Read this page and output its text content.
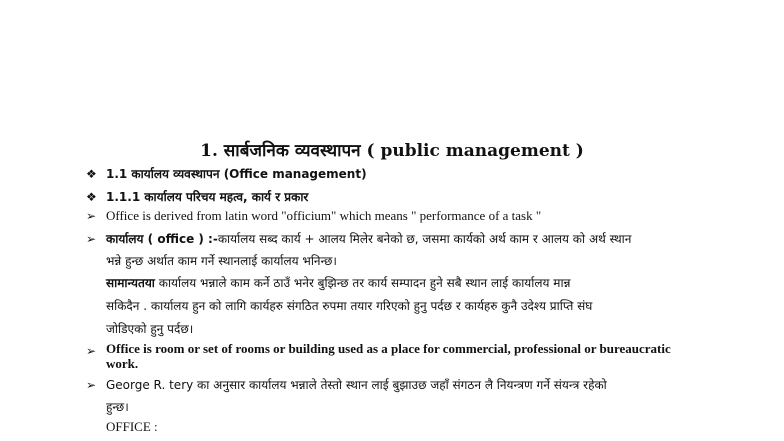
1. सार्बजनिक व्यवस्थापन ( public management )
❖ 1.1 कार्यालय व्यवस्थापन (Office management)
❖ 1.1.1 कार्यालय परिचय महत्व, कार्य र प्रकार
➢ Office is derived from latin word "officium" which means " performance of a task "
➢ कार्यालय ( office ) :-कार्यालय सब्द कार्य + आलय मिलेर बनेको छ, जसमा कार्यको अर्थ काम र आलय को अर्थ स्थान
भन्ने हुन्छ अर्थात काम गर्ने स्थानलाई कार्यालय भनिन्छ।
सामान्यतया कार्यालय भन्नाले काम कर्ने ठाउँ भनेर बुझिन्छ तर कार्य सम्पादन हुने सबै स्थान लाई कार्यालय मान्न
सकिदैन . कार्यालय हुन को लागि कार्यहरु संगठित रुपमा तयार गरिएको हुनु पर्दछ र कार्यहरु कुनै उदेश्य प्राप्ति संघ
जोडिएको हुनु पर्दछ।
➢ Office is room or set of rooms or building used as a place for commercial, professional or bureaucratic
work.
➢ George R. tery का अनुसार कार्यालय भन्नाले तेस्तो स्थान लाई बुझाउछ जहाँ संगठन लै नियन्त्रण गर्ने संयन्त्र रहेको
हुन्छ।
OFFICE :
